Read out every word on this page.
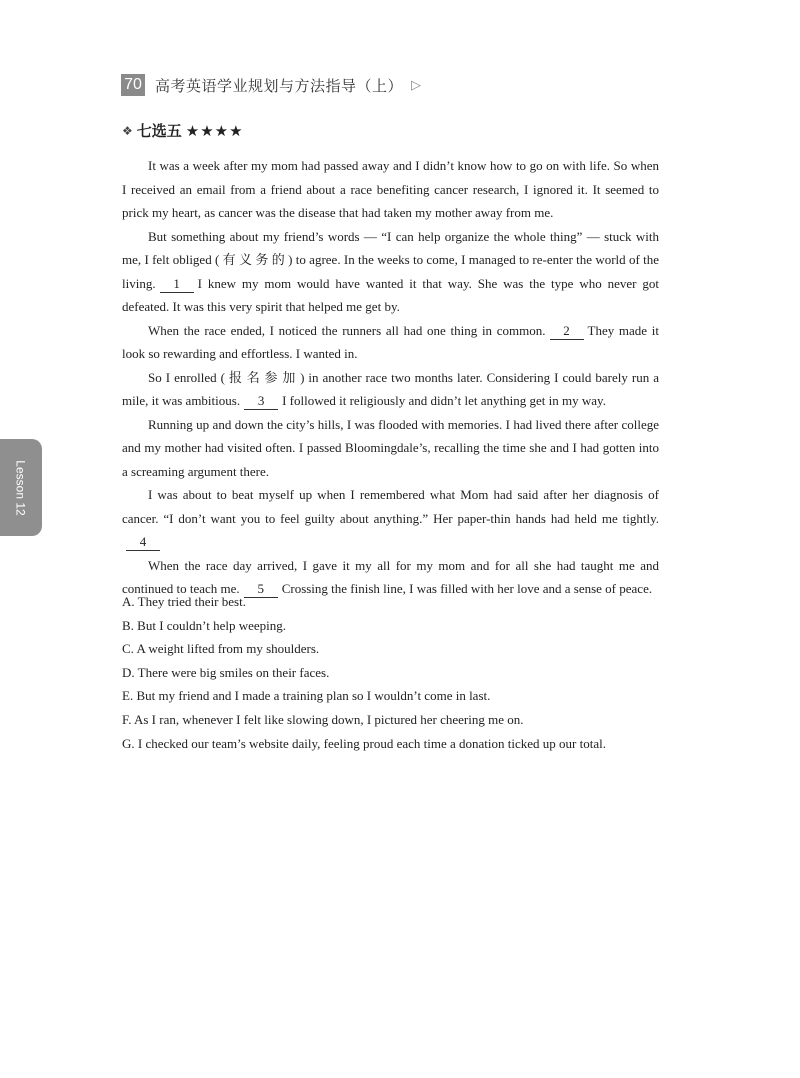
70 高考英语学业规划与方法指导（上） ▷
❖ 七选五 ★★★★

It was a week after my mom had passed away and I didn’t know how to go on with life. So when I received an email from a friend about a race benefiting cancer research, I ignored it. It seemed to prick my heart, as cancer was the disease that had taken my mother away from me.

But something about my friend’s words — “I can help organize the whole thing” — stuck with me, I felt obliged ( 有 义 务 的 ) to agree. In the weeks to come, I managed to re-enter the world of the living. 1 I knew my mom would have wanted it that way. She was the type who never got defeated. It was this very spirit that helped me get by.

When the race ended, I noticed the runners all had one thing in common. 2 They made it look so rewarding and effortless. I wanted in.

So I enrolled ( 报 名 参 加 ) in another race two months later. Considering I could barely run a mile, it was ambitious. 3 I followed it religiously and didn’t let anything get in my way.

Running up and down the city’s hills, I was flooded with memories. I had lived there after college and my mother had visited often. I passed Bloomingdale’s, recalling the time she and I had gotten into a screaming argument there.

I was about to beat myself up when I remembered what Mom had said after her diagnosis of cancer. “I don’t want you to feel guilty about anything.” Her paper-thin hands had held me tightly.4

When the race day arrived, I gave it my all for my mom and for all she had taught me and continued to teach me. 5 Crossing the finish line, I was filled with her love and a sense of peace.

A. They tried their best.
B. But I couldn’t help weeping.
C. A weight lifted from my shoulders.
D. There were big smiles on their faces.
E. But my friend and I made a training plan so I wouldn’t come in last.
F. As I ran, whenever I felt like slowing down, I pictured her cheering me on.
G. I checked our team’s website daily, feeling proud each time a donation ticked up our total.
Lesson 12
